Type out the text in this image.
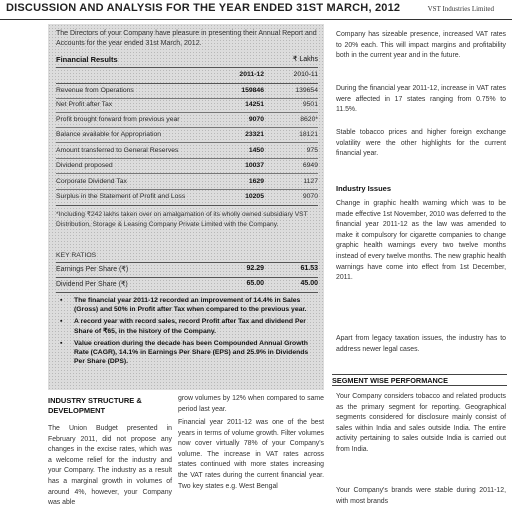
DISCUSSION AND ANALYSIS FOR THE YEAR ENDED 31ST MARCH, 2012	VST Industries Limited
The Directors of your Company have pleasure in presenting their Annual Report and Accounts for the year ended 31st March, 2012.
Financial Results	₹ Lakhs
2011-12	2010-11
Revenue from Operations	159846	139654
Net Profit after Tax	14251	9501
Profit brought forward from previous year	9070	8620*
Balance available for Appropriation	23321	18121
Amount transferred to General Reserves	1450	975
Dividend proposed	10037	6949
Corporate Dividend Tax	1629	1127
Surplus in the Statement of Profit and Loss	10205	9070
*Including ₹242 lakhs taken over on amalgamation of its wholly owned subsidiary VST Distribution, Storage & Leasing Company Private Limited with the Company.
KEY RATIOS
Earnings Per Share (₹)	92.29	61.53
Dividend Per Share (₹)	65.00	45.00
▪ The financial year 2011-12 recorded an improvement of 14.4% in Sales (Gross) and 50% in Profit after Tax when compared to the previous year.
▪ A record year with record sales, record Profit after Tax and dividend Per Share of ₹65, in the history of the Company.
▪ Value creation during the decade has been Compounded Annual Growth Rate (CAGR), 14.1% in Earnings Per Share (EPS) and 25.9% in Dividends Per Share (DPS).
INDUSTRY STRUCTURE & DEVELOPMENT
The Union Budget presented in February 2011, did not propose any changes in the excise rates, which was a welcome relief for the industry and your Company. The industry as a result has a marginal growth in volumes of around 4%, however, your Company was able
grow volumes by 12% when compared to same period last year.
Financial year 2011-12 was one of the best years in terms of volume growth. Filter volumes now cover virtually 78% of your Company's volume. The increase in VAT rates across states continued with more states increasing the VAT rates during the current financial year. Two key states e.g. West Bengal
Company has sizeable presence, increased VAT rates to 20% each. This will impact margins and profitability both in the current year and in the future.
During the financial year 2011-12, increase in VAT rates were affected in 17 states ranging from 0.75% to 11.5%.
Stable tobacco prices and higher foreign exchange volatility were the other highlights for the current financial year.
Industry Issues
Change in graphic health warning which was to be made effective 1st November, 2010 was deferred to the financial year 2011-12 as the law was amended to make it compulsory for cigarette companies to change graphic health warnings every two twelve months instead of every twelve months. The new graphic health warnings have come into effect from 1st December, 2011.
Apart from legacy taxation issues, the industry has to address newer legal cases.
SEGMENT WISE PERFORMANCE
Your Company considers tobacco and related products as the primary segment for reporting. Geographical segments considered for disclosure mainly consist of sales within India and sales outside India. The entire activity pertaining to sales outside India is carried out from India.
Your Company's brands were stable during 2011-12, with most brands
